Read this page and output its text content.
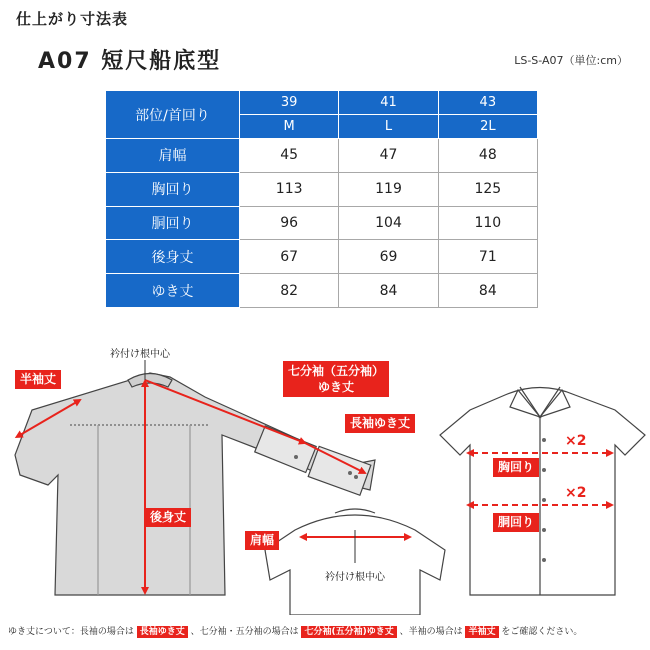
仕上がり寸法表
A07 短尺船底型	LS-S-A07（単位:cm）
部位/首回り	39	41	43
	M	L	2L
肩幅	45	47	48
胸回り	113	119	125
胴回り	96	104	110
後身丈	67	69	71
ゆき丈	82	84	84
衿付け根中心
衿付け根中心
半袖丈
七分袖（五分袖）
ゆき丈
長袖ゆき丈
後身丈
肩幅
胸回り
胴回り
×2
×2
ゆき丈について：長袖の場合は 長袖ゆき丈 、七分袖・五分袖の場合は 七分袖(五分袖)ゆき丈 、半袖の場合は 半袖丈 をご確認ください。
